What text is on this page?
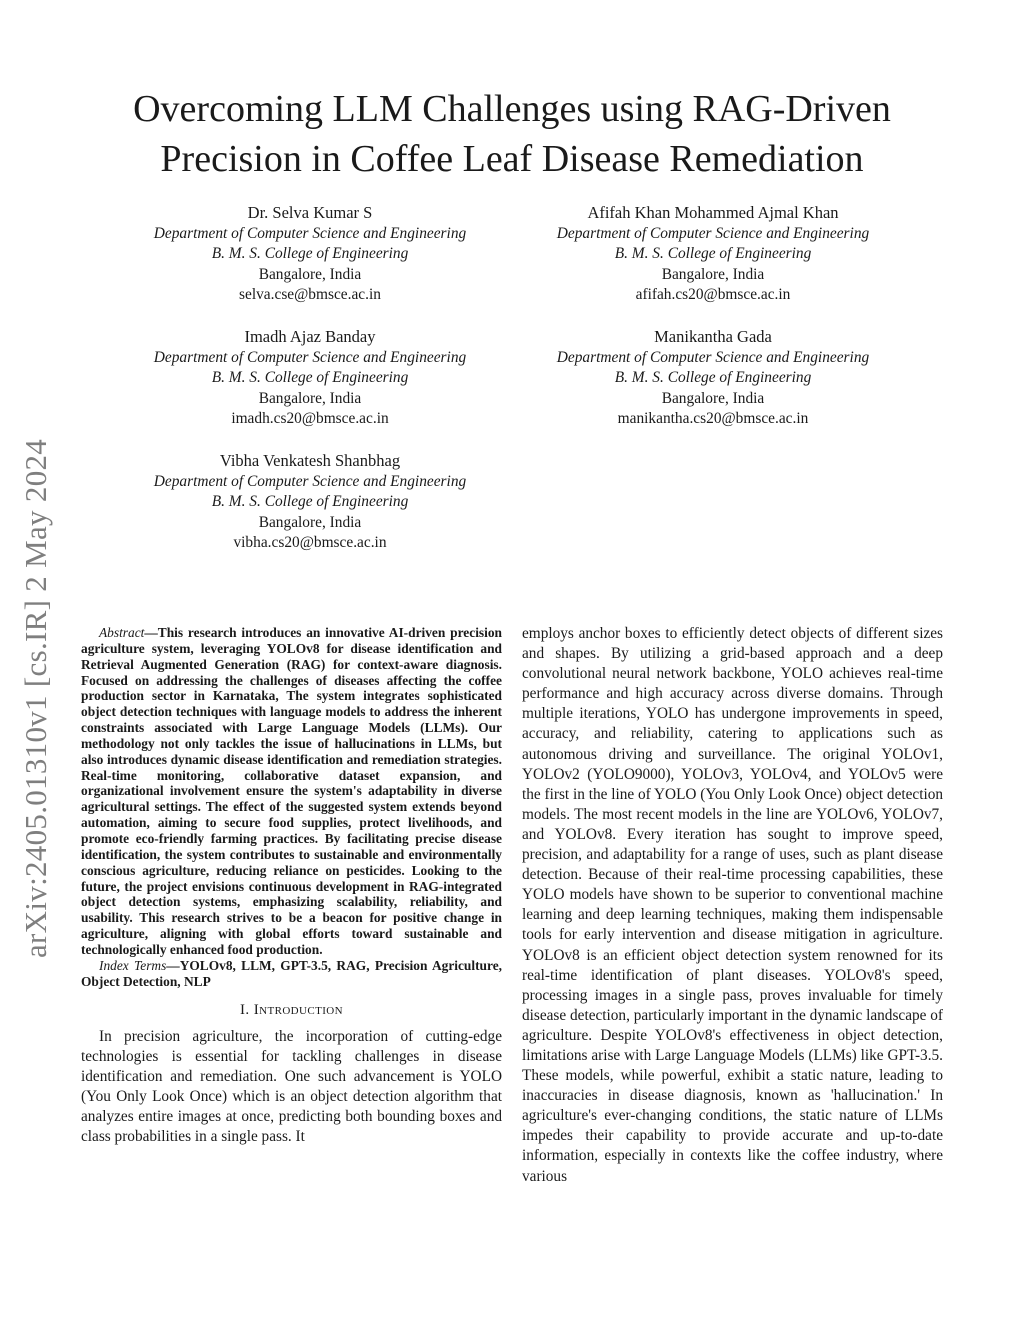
arXiv:2405.01310v1 [cs.IR] 2 May 2024
Overcoming LLM Challenges using RAG-Driven
Precision in Coffee Leaf Disease Remediation
Dr. Selva Kumar S
Department of Computer Science and Engineering
B. M. S. College of Engineering
Bangalore, India
selva.cse@bmsce.ac.in
Afifah Khan Mohammed Ajmal Khan
Department of Computer Science and Engineering
B. M. S. College of Engineering
Bangalore, India
afifah.cs20@bmsce.ac.in
Imadh Ajaz Banday
Department of Computer Science and Engineering
B. M. S. College of Engineering
Bangalore, India
imadh.cs20@bmsce.ac.in
Manikantha Gada
Department of Computer Science and Engineering
B. M. S. College of Engineering
Bangalore, India
manikantha.cs20@bmsce.ac.in
Vibha Venkatesh Shanbhag
Department of Computer Science and Engineering
B. M. S. College of Engineering
Bangalore, India
vibha.cs20@bmsce.ac.in

Abstract—This research introduces an innovative AI-driven precision agriculture system, leveraging YOLOv8 for disease identification and Retrieval Augmented Generation (RAG) for context-aware diagnosis. Focused on addressing the challenges of diseases affecting the coffee production sector in Karnataka, The system integrates sophisticated object detection techniques with language models to address the inherent constraints associated with Large Language Models (LLMs). Our methodology not only tackles the issue of hallucinations in LLMs, but also introduces dynamic disease identification and remediation strategies. Real-time monitoring, collaborative dataset expansion, and organizational involvement ensure the system's adaptability in diverse agricultural settings. The effect of the suggested system extends beyond automation, aiming to secure food supplies, protect livelihoods, and promote eco-friendly farming practices. By facilitating precise disease identification, the system contributes to sustainable and environmentally conscious agriculture, reducing reliance on pesticides. Looking to the future, the project envisions continuous development in RAG-integrated object detection systems, emphasizing scalability, reliability, and usability. This research strives to be a beacon for positive change in agriculture, aligning with global efforts toward sustainable and technologically enhanced food production.

Index Terms—YOLOv8, LLM, GPT-3.5, RAG, Precision Agriculture, Object Detection, NLP

I. Introduction

In precision agriculture, the incorporation of cutting-edge technologies is essential for tackling challenges in disease identification and remediation. One such advancement is YOLO (You Only Look Once) which is an object detection algorithm that analyzes entire images at once, predicting both bounding boxes and class probabilities in a single pass. It

employs anchor boxes to efficiently detect objects of different sizes and shapes. By utilizing a grid-based approach and a deep convolutional neural network backbone, YOLO achieves real-time performance and high accuracy across diverse domains. Through multiple iterations, YOLO has undergone improvements in speed, accuracy, and reliability, catering to applications such as autonomous driving and surveillance. The original YOLOv1, YOLOv2 (YOLO9000), YOLOv3, YOLOv4, and YOLOv5 were the first in the line of YOLO (You Only Look Once) object detection models. The most recent models in the line are YOLOv6, YOLOv7, and YOLOv8. Every iteration has sought to improve speed, precision, and adaptability for a range of uses, such as plant disease detection. Because of their real-time processing capabilities, these YOLO models have shown to be superior to conventional machine learning and deep learning techniques, making them indispensable tools for early intervention and disease mitigation in agriculture. YOLOv8 is an efficient object detection system renowned for its real-time identification of plant diseases. YOLOv8's speed, processing images in a single pass, proves invaluable for timely disease detection, particularly important in the dynamic landscape of agriculture. Despite YOLOv8's effectiveness in object detection, limitations arise with Large Language Models (LLMs) like GPT-3.5. These models, while powerful, exhibit a static nature, leading to inaccuracies in disease diagnosis, known as 'hallucination.' In agriculture's ever-changing conditions, the static nature of LLMs impedes their capability to provide accurate and up-to-date information, especially in contexts like the coffee industry, where various
